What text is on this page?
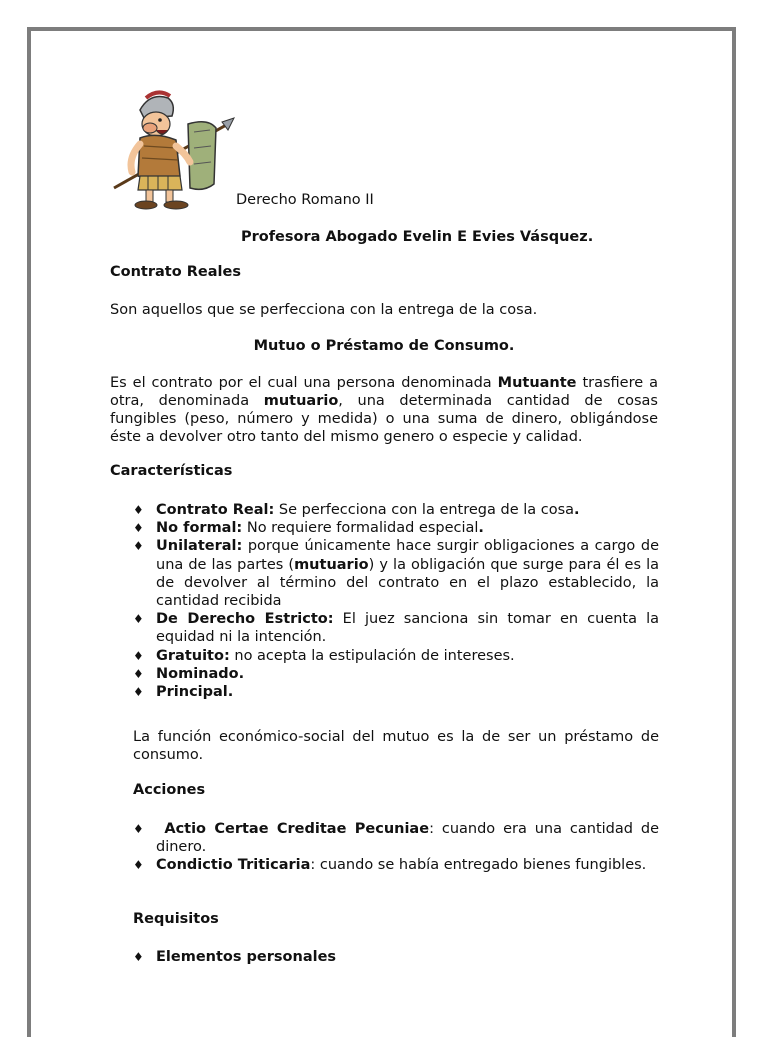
Derecho Romano II
Profesora Abogado Evelin E Evies Vásquez.
Contrato Reales
Son aquellos que se perfecciona con la entrega de la cosa.
Mutuo o Préstamo de Consumo.
Es el contrato por el cual una persona denominada Mutuante trasfiere a otra, denominada mutuario, una determinada cantidad de cosas fungibles (peso, número y medida) o una suma de dinero, obligándose éste a devolver otro tanto del mismo genero o especie y calidad.
Características
♦ Contrato Real: Se perfecciona con la entrega de la cosa.
♦ No formal: No requiere formalidad especial.
♦ Unilateral: porque únicamente hace surgir obligaciones a cargo de una de las partes (mutuario) y la obligación que surge para él es la de devolver al término del contrato en el plazo establecido, la cantidad recibida
♦ De Derecho Estricto: El juez sanciona sin tomar en cuenta la equidad ni la intención.
♦ Gratuito: no acepta la estipulación de intereses.
♦ Nominado.
♦ Principal.
La función económico-social del mutuo es la de ser un préstamo de consumo.
Acciones
♦ Actio Certae Creditae Pecuniae: cuando era una cantidad de dinero.
♦ Condictio Triticaria: cuando se había entregado bienes fungibles.
Requisitos
♦ Elementos personales
